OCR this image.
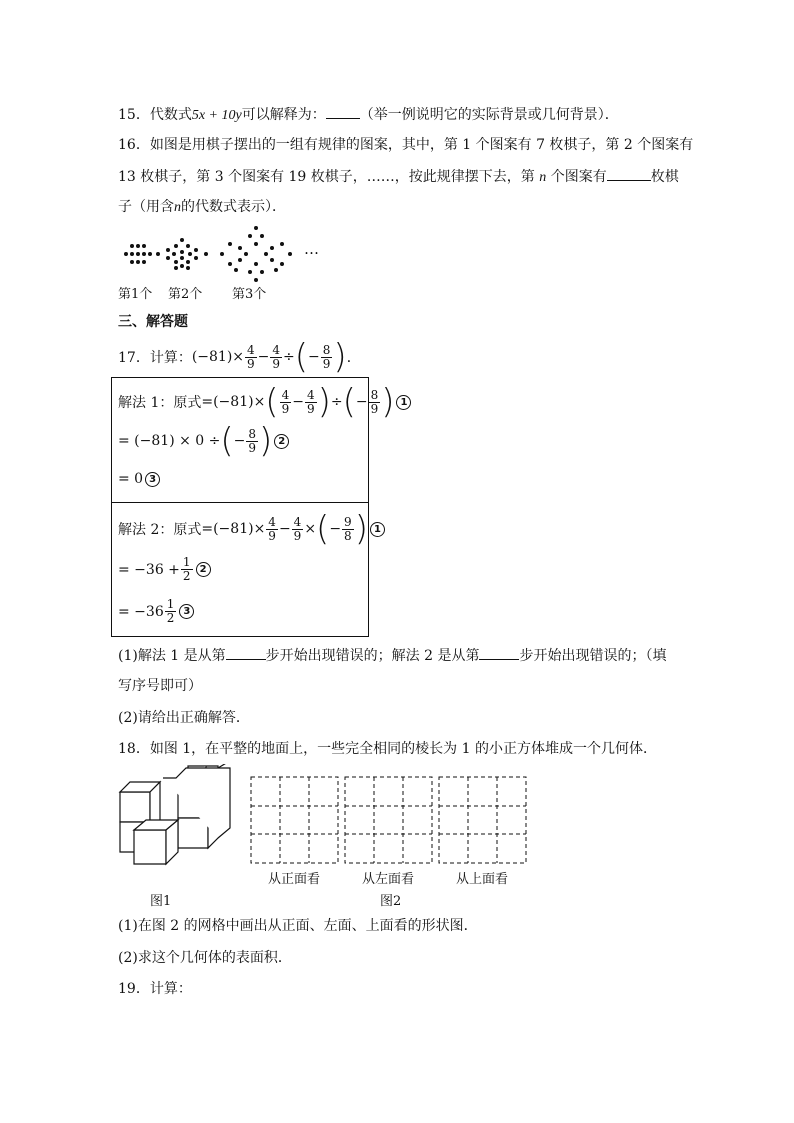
15．代数式5x + 10y可以解释为： （举一例说明它的实际背景或几何背景）．
16．如图是用棋子摆出的一组有规律的图案，其中，第 1 个图案有 7 枚棋子，第 2 个图案有
13 枚棋子，第 3 个图案有 19 枚棋子，……，按此规律摆下去，第 n 个图案有	枚棋
子（用含n的代数式表示）．
…
第1个 第2个 第3个
三、解答题
17．计算： $(-81) \times \frac{4}{9} - \frac{4}{9}$ ÷ ( − $\frac{8}{9}$ ) ．
解法 1：原式 = (−81) × ( $\frac{4}{9} - \frac{4}{9}$ ) ÷ ( − $\frac{8}{9}$ ) 1
= (−81) × 0 ÷ ( − $\frac{8}{9}$ ) 2
= 0 3
解法 2：原式 = $(-81) \times \frac{4}{9} - \frac{4}{9}$ × ( − $\frac{9}{8}$ ) 1
= $-36 + \frac{1}{2} 2$
= $-36 \frac{1}{2} 3$
(1)解法 1 是从第	步开始出现错误的；解法 2 是从第	步开始出现错误的；（填
写序号即可）
(2)请给出正确解答．
18．如图 1，在平整的地面上，一些完全相同的棱长为 1 的小正方体堆成一个几何体．
从正面看	从左面看	从上面看
图1	图2
(1)在图 2 的网格中画出从正面、左面、上面看的形状图．
(2)求这个几何体的表面积．
19．计算：
